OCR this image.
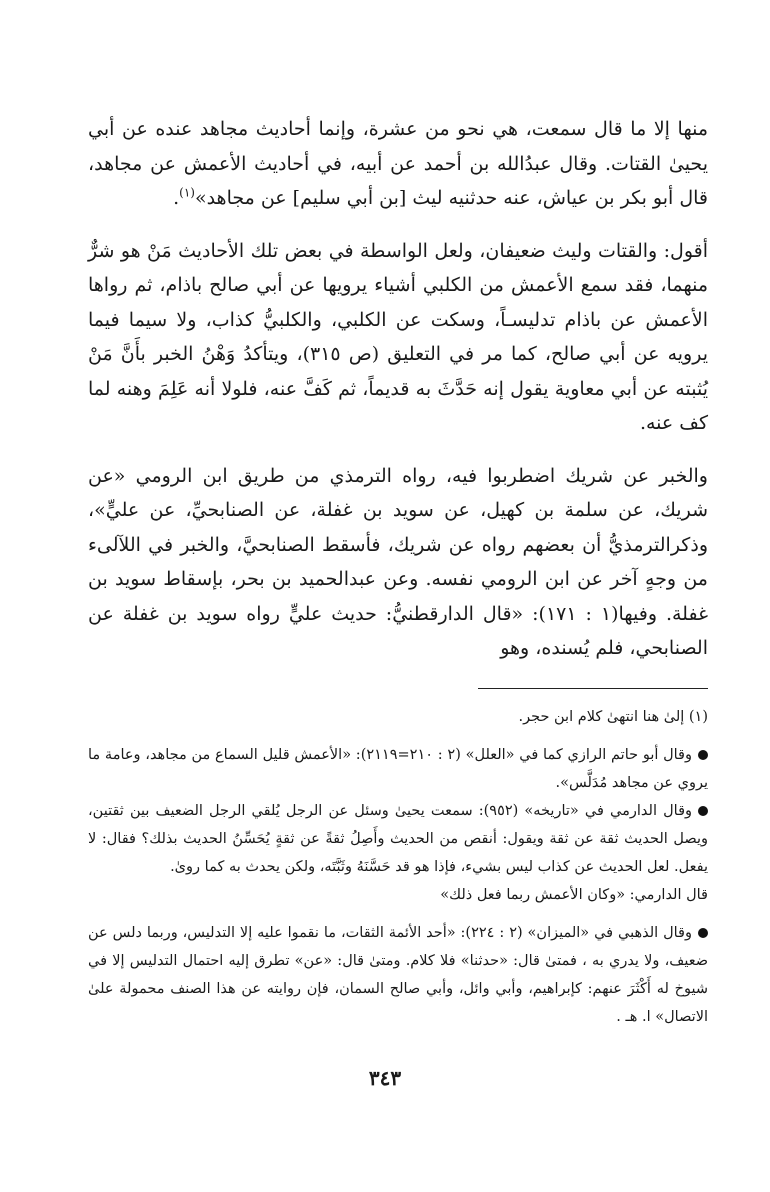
منها إلا ما قال سمعت، هي نحو من عشرة، وإنما أحاديث مجاهد عنده عن أبي يحيىٰ القتات. وقال عبدُالله بن أحمد عن أبيه، في أحاديث الأعمش عن مجاهد، قال أبو بكر بن عياش، عنه حدثنيه ليث [بن أبي سليم] عن مجاهد»$^{(١)}$.

أقول: والقتات وليث ضعيفان، ولعل الواسطة في بعض تلك الأحاديث مَنْ هو شرٌّ منهما، فقد سمع الأعمش من الكلبي أشياء يرويها عن أبي صالح باذام، ثم رواها الأعمش عن باذام تدليسـاً، وسكت عن الكلبي، والكلبيُّ كذاب، ولا سيما فيما يرويه عن أبي صالح، كما مر في التعليق (ص ٣١٥)، ويتأكدُ وَهْنُ الخبر بأَنَّ مَنْ يُثبته عن أبي معاوية يقول إنه حَدَّثَ به قديماً، ثم كَفَّ عنه، فلولا أنه عَلِمَ وهنه لما كف عنه.

والخبر عن شريك اضطربوا فيه، رواه الترمذي من طريق ابن الرومي «عن شريك، عن سلمة بن كهيل، عن سويد بن غفلة، عن الصنابحيِّ، عن عليٍّ»، وذكرالترمذيُّ أن بعضهم رواه عن شريك، فأسقط الصنابحيَّ، والخبر في اللآلىء من وجهٍ آخر عن ابن الرومي نفسه. وعن عبدالحميد بن بحر، بإسقاط سويد بن غفلة. وفيها(١ : ١٧١): «قال الدارقطنيُّ: حديث عليٍّ رواه سويد بن غفلة عن الصنابحي، فلم يُسنده، وهو

(١) إلىٰ هنا انتهىٰ كلام ابن حجر.

وقال أبو حاتم الرازي كما في «العلل» (٢ : ٢١٠=٢١١٩): «الأعمش قليل السماع من مجاهد، وعامة ما يروي عن مجاهد مُدَلَّس».

وقال الدارمي في «تاريخه» (٩٥٢): سمعت يحيىٰ وسئل عن الرجل يُلقي الرجل الضعيف بين ثقتين، ويصل الحديث ثقة عن ثقة ويقول: أنقص من الحديث وأَصِلُ ثقةً عن ثقةٍ يُحَسِّنُ الحديث بذلك؟ فقال: لا يفعل. لعل الحديث عن كذاب ليس بشيء، فإذا هو قد حَسَّنَهُ وثَبَّتَه، ولكن يحدث به كما روىٰ.

قال الدارمي: «وكان الأعمش ربما فعل ذلك»

وقال الذهبي في «الميزان» (٢ : ٢٢٤): «أحد الأئمة الثقات، ما نقموا عليه إلا التدليس، وربما دلس عن ضعيف، ولا يدري به ، فمتىٰ قال: «حدثنا» فلا كلام. ومتىٰ قال: «عن» تطرق إليه احتمال التدليس إلا في شيوخ له أَكْثَرَ عنهم: كإبراهيم، وأبي وائل، وأبي صالح السمان، فإن روايته عن هذا الصنف محمولة علىٰ الاتصال» ا. هـ .

٣٤٣
